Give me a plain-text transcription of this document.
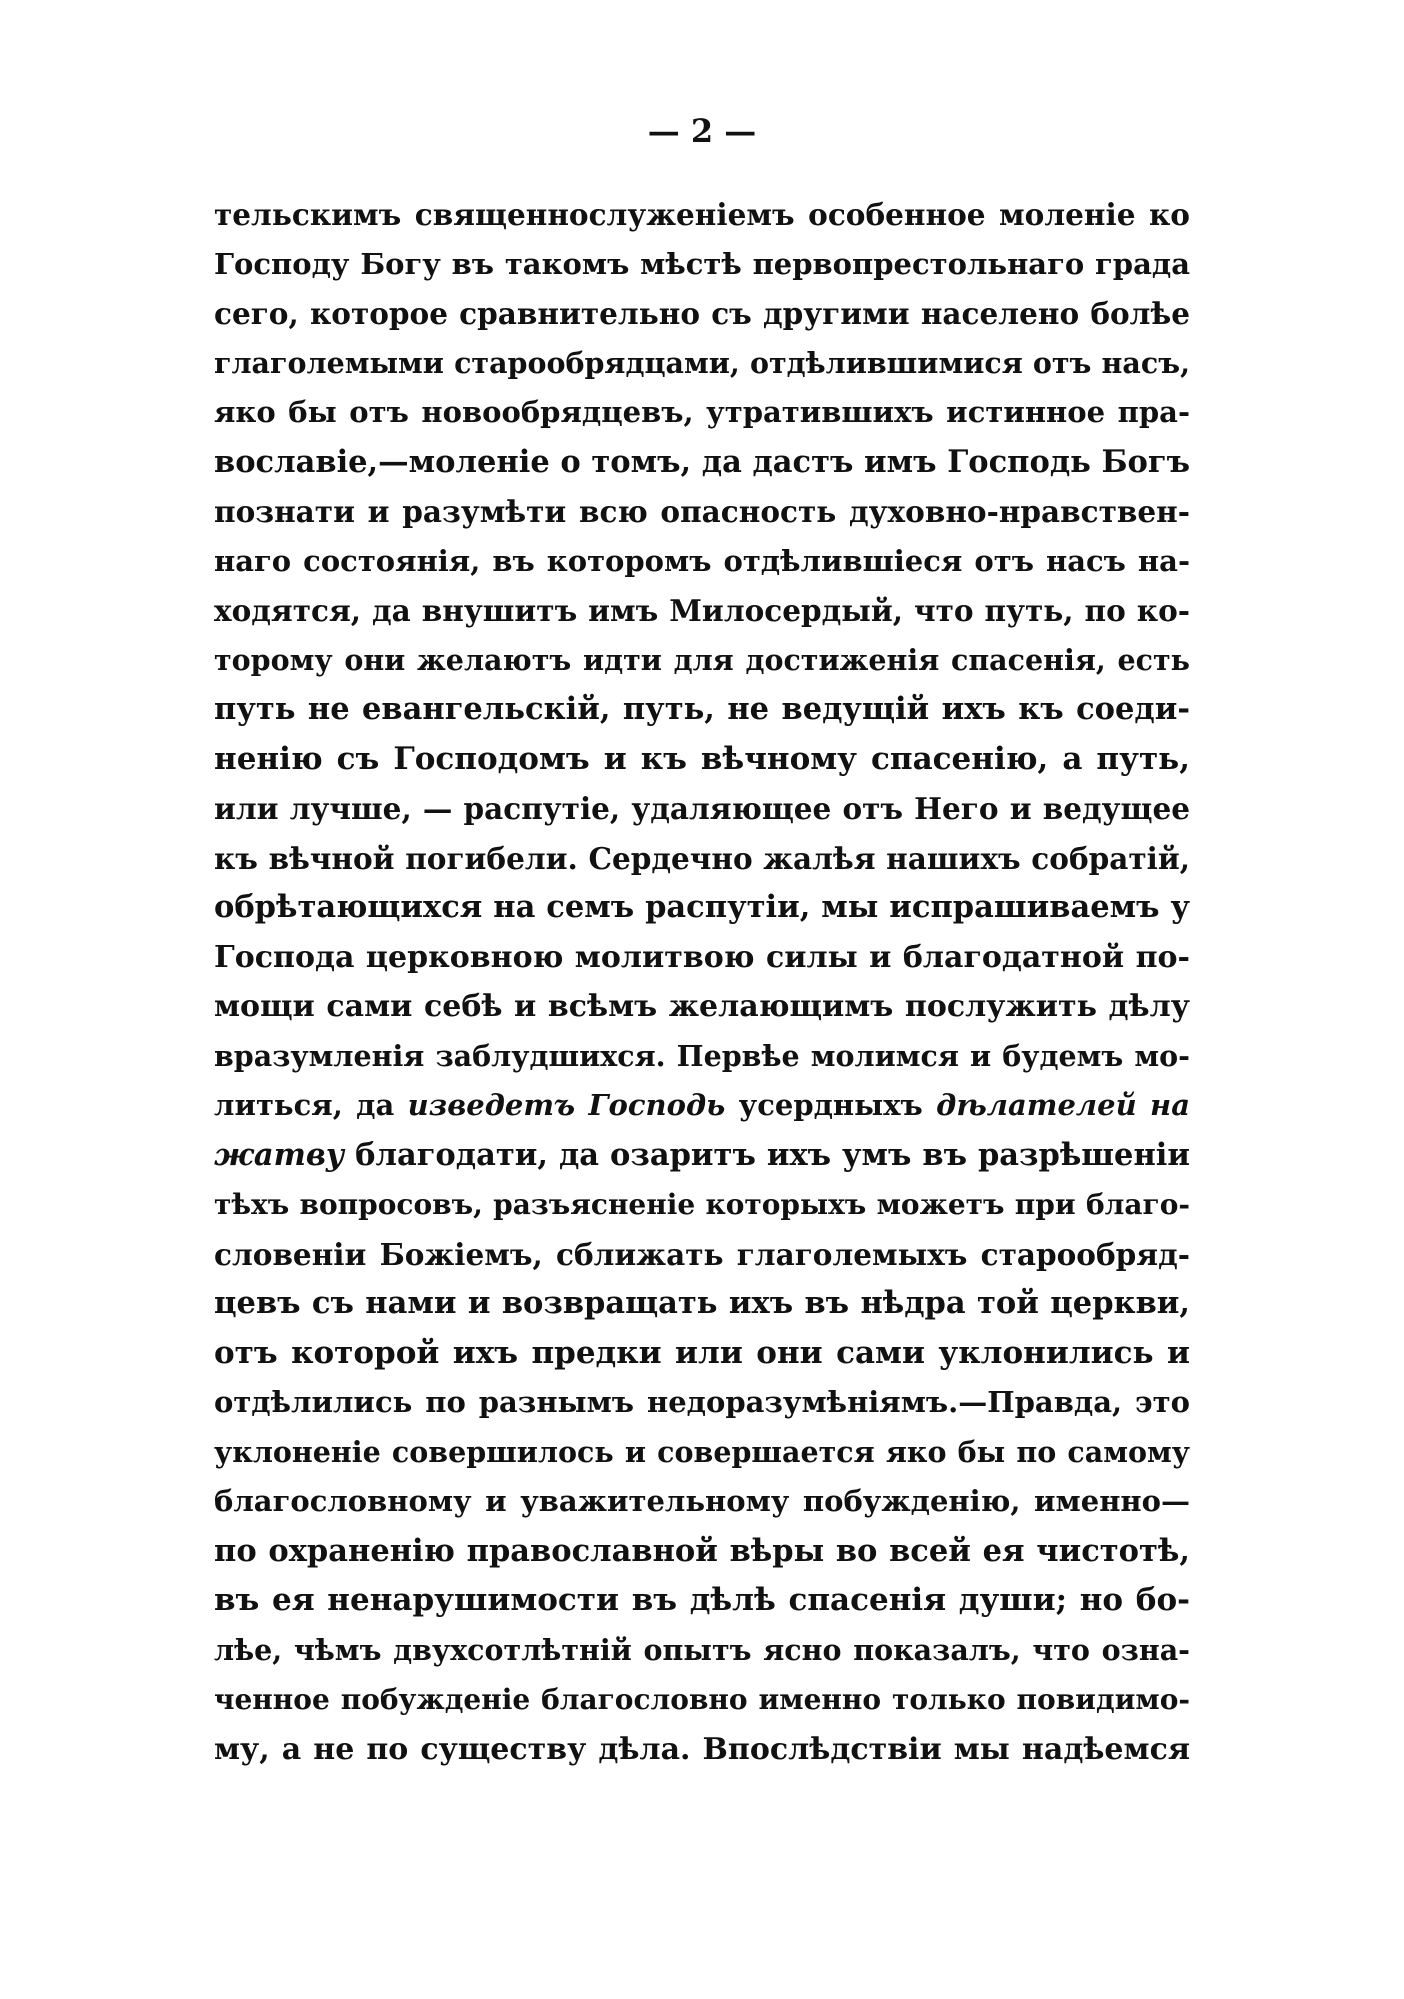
— 2 —
тельскимъ священнослуженіемъ особенное моленіе ко
Господу Богу въ такомъ мѣстѣ первопрестольнаго града
сего, которое сравнительно съ другими населено болѣе
глаголемыми старообрядцами, отдѣлившимися отъ насъ,
яко бы отъ новообрядцевъ, утратившихъ истинное пра-
вославіе,—моленіе о томъ, да дастъ имъ Господь Богъ
познати и разумѣти всю опасность духовно-нравствен-
наго состоянія, въ которомъ отдѣлившіеся отъ насъ на-
ходятся, да внушитъ имъ Милосердый, что путь, по ко-
торому они желаютъ идти для достиженія спасенія, есть
путь не евангельскій, путь, не ведущій ихъ къ соеди-
ненію съ Господомъ и къ вѣчному спасенію, а путь,
или лучше, — распутіе, удаляющее отъ Него и ведущее
къ вѣчной погибели. Сердечно жалѣя нашихъ собратій,
обрѣтающихся на семъ распутіи, мы испрашиваемъ у
Господа церковною молитвою силы и благодатной по-
мощи сами себѣ и всѣмъ желающимъ послужить дѣлу
вразумленія заблудшихся. Первѣе молимся и будемъ мо-
литься, да изведетъ Господь усердныхъ дѣлателей на
жатву благодати, да озаритъ ихъ умъ въ разрѣшеніи
тѣхъ вопросовъ, разъясненіе которыхъ можетъ при благо-
словеніи Божіемъ, сближать глаголемыхъ старообряд-
цевъ съ нами и возвращать ихъ въ нѣдра той церкви,
отъ которой ихъ предки или они сами уклонились и
отдѣлились по разнымъ недоразумѣніямъ.—Правда, это
уклоненіе совершилось и совершается яко бы по самому
благословному и уважительному побужденію, именно—
по охраненію православной вѣры во всей ея чистотѣ,
въ ея ненарушимости въ дѣлѣ спасенія души; но бо-
лѣе, чѣмъ двухсотлѣтній опытъ ясно показалъ, что озна-
ченное побужденіе благословно именно только повидимо-
му, а не по существу дѣла. Впослѣдствіи мы надѣемся
